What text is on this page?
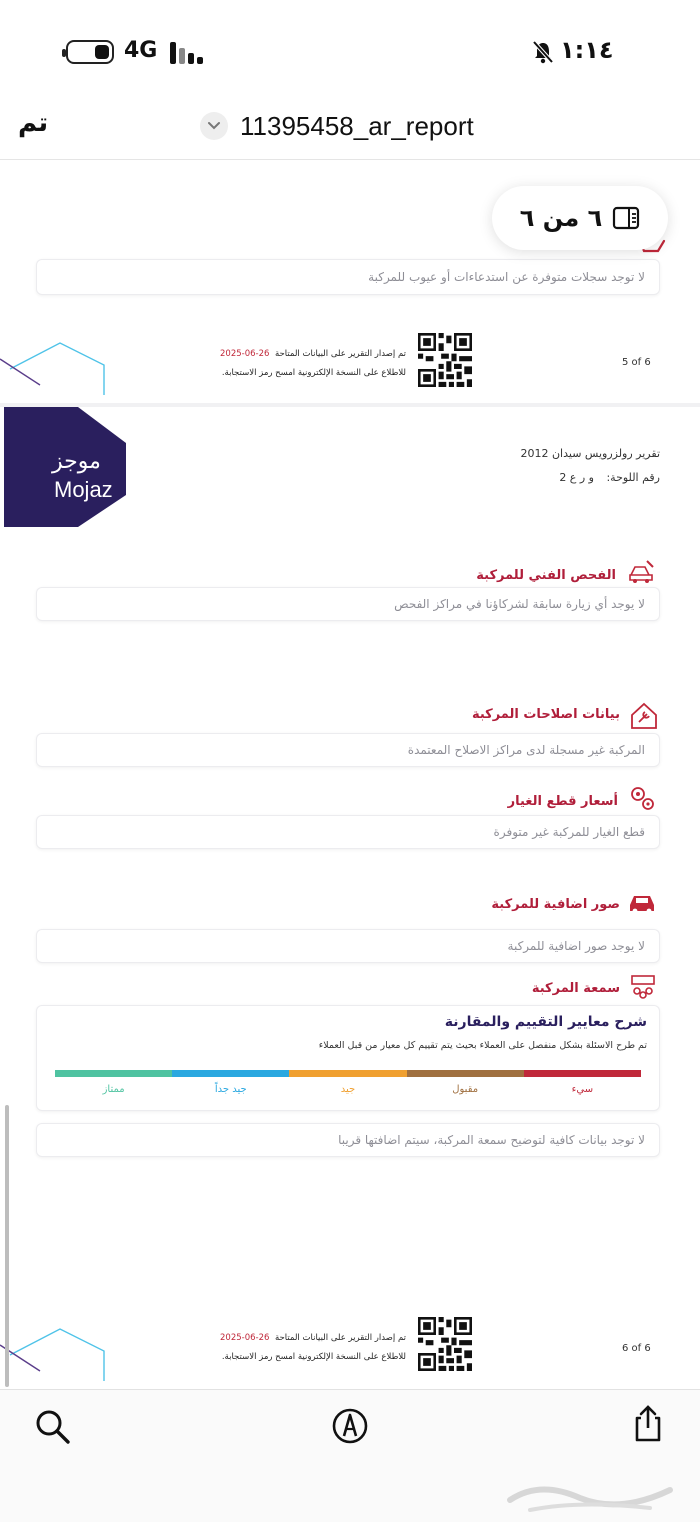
4G	١:١٤
تم	11395458_ar_report
لا توجد سجلات متوفرة عن استدعاءات أو عيوب للمركبة
2025-06-26 تم إصدار التقرير على البيانات المتاحة
للاطلاع على النسخة الإلكترونية امسح رمز الاستجابة.
5 of 6
موجز
Mojaz
تقرير رولزرويس سيدان 2012
رقم اللوحة:
و ر ع 2
الفحص الفني للمركبة
لا يوجد أي زيارة سابقة لشركاؤنا في مراكز الفحص
بيانات اصلاحات المركبة
المركبة غير مسجلة لدى مراكز الاصلاح المعتمدة
أسعار قطع الغيار
قطع الغيار للمركبة غير متوفرة
صور اضافية للمركبة
لا يوجد صور اضافية للمركبة
سمعة المركبة
شرح معايير التقييم والمقارنة
تم طرح الاسئلة بشكل منفصل على العملاء بحيث يتم تقييم كل معيار من قبل العملاء
ممتاز	جيد جداً	جيد	مقبول	سيء
لا توجد بيانات كافية لتوضيح سمعة المركبة، سيتم اضافتها قريبا
2025-06-26 تم إصدار التقرير على البيانات المتاحة
للاطلاع على النسخة الإلكترونية امسح رمز الاستجابة.
6 of 6
٦ من ٦
